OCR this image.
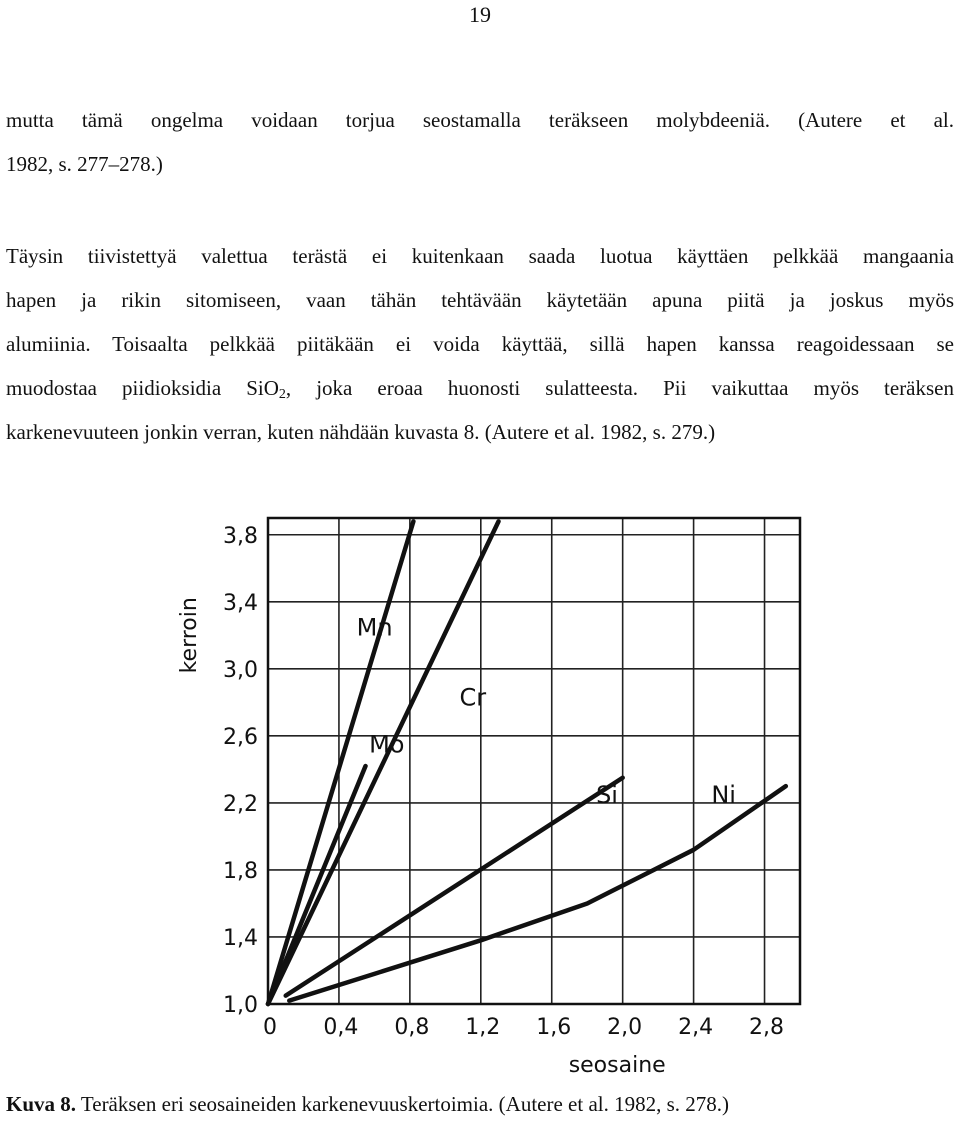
19
mutta tämä ongelma voidaan torjua seostamalla teräkseen molybdeeniä. (Autere et al.
1982, s. 277–278.)
Täysin tiivistettyä valettua terästä ei kuitenkaan saada luotua käyttäen pelkkää mangaania
hapen ja rikin sitomiseen, vaan tähän tehtävään käytetään apuna piitä ja joskus myös
alumiinia. Toisaalta pelkkää piitäkään ei voida käyttää, sillä hapen kanssa reagoidessaan se
muodostaa piidioksidia SiO$_2$, joka eroaa huonosti sulatteesta. Pii vaikuttaa myös teräksen
karkenevuuteen jonkin verran, kuten nähdään kuvasta 8. (Autere et al. 1982, s. 279.)
0 0,4 0,8 1,2 1,6 2,0 2,4 2,8
1,0
1,4
1,8
2,2
2,6
3,0
3,4
3,8
seosaine
kerroin	Mn
Cr
Mo
Si	Ni
Kuva 8. Teräksen eri seosaineiden karkenevuuskertoimia. (Autere et al. 1982, s. 278.)
